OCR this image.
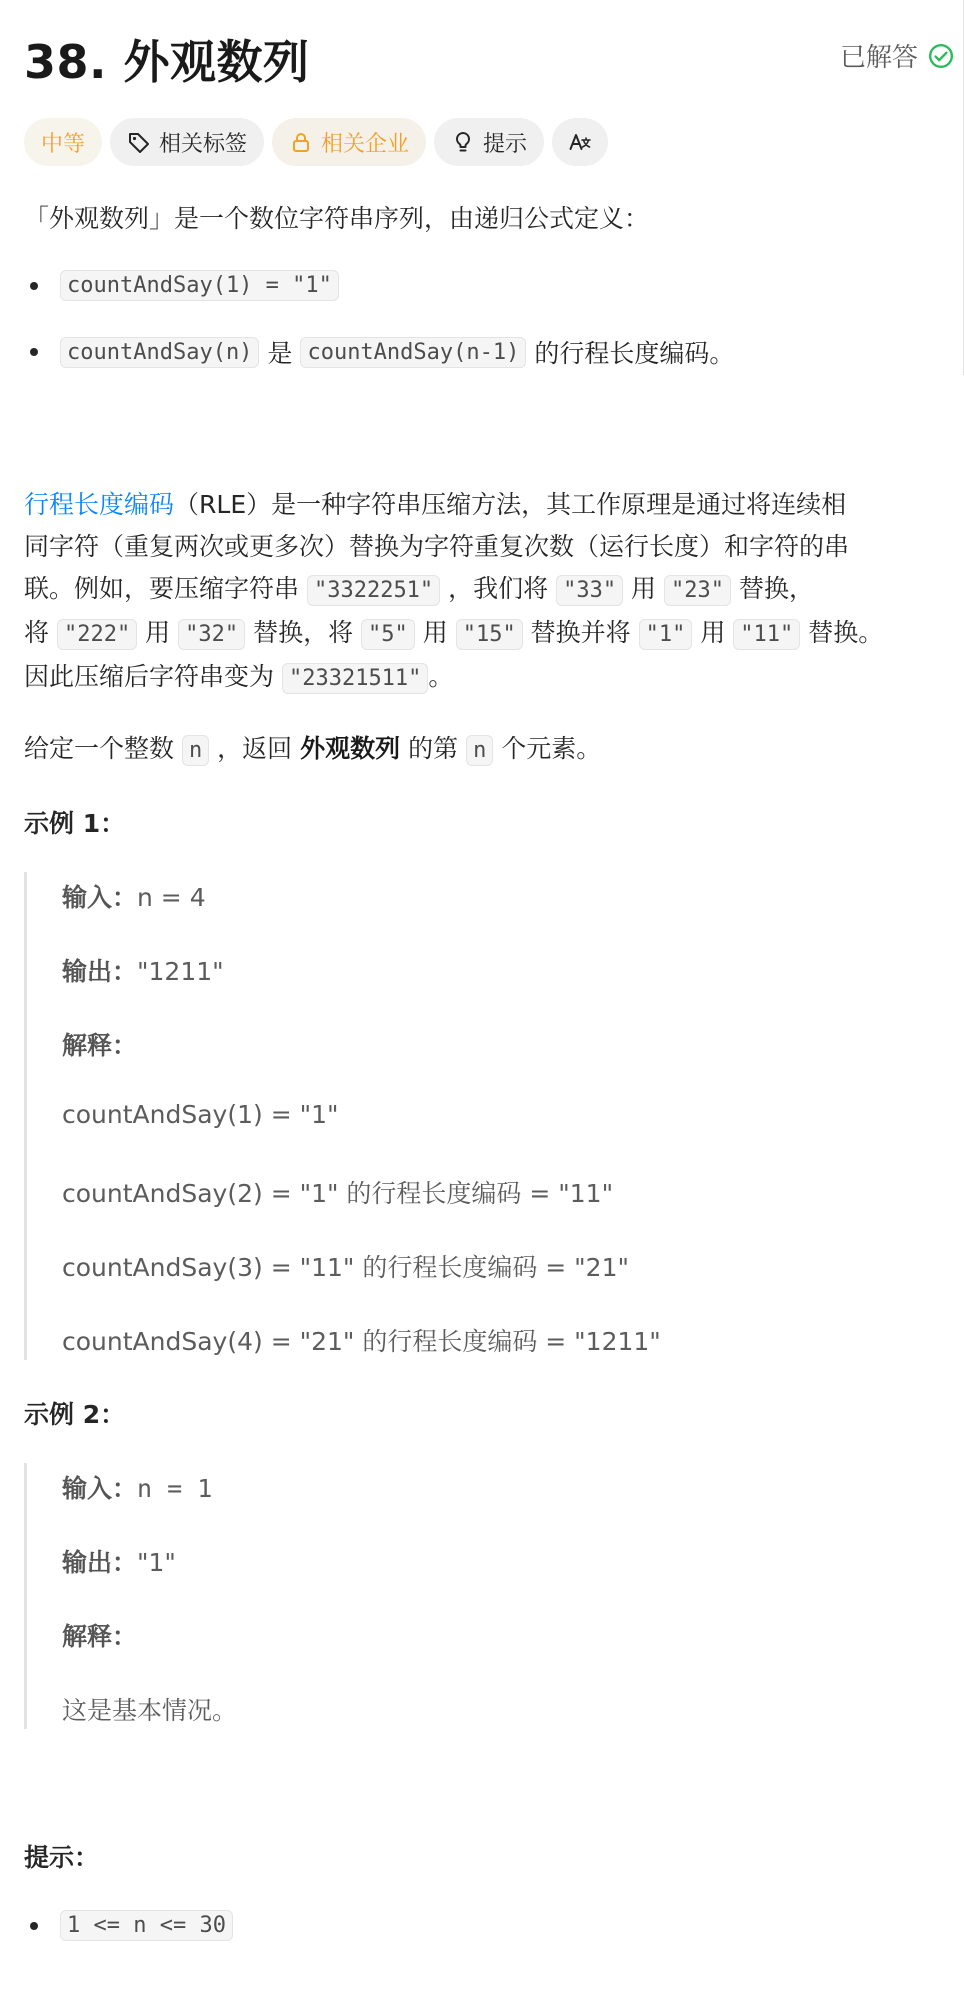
38. 外观数列	已解答
中等	相关标签	相关企业	提示
「外观数列」是一个数位字符串序列，由递归公式定义：
countAndSay(1) = "1"
countAndSay(n) 是 countAndSay(n-1) 的行程长度编码。
行程长度编码（RLE）是一种字符串压缩方法，其工作原理是通过将连续相
同字符（重复两次或更多次）替换为字符重复次数（运行长度）和字符的串
联。例如，要压缩字符串 "3322251" ，我们将 "33" 用 "23" 替换，
将 "222" 用 "32" 替换，将 "5" 用 "15" 替换并将 "1" 用 "11" 替换。
因此压缩后字符串变为 "23321511" 。
给定一个整数 n ，返回 外观数列 的第 n 个元素。
示例 1：
输入：n = 4
输出："1211"
解释：
countAndSay(1) = "1"
countAndSay(2) = "1" 的行程长度编码 = "11"
countAndSay(3) = "11" 的行程长度编码 = "21"
countAndSay(4) = "21" 的行程长度编码 = "1211"
示例 2：
输入：n = 1
输出："1"
解释：
这是基本情况。
提示：
1 <= n <= 30
